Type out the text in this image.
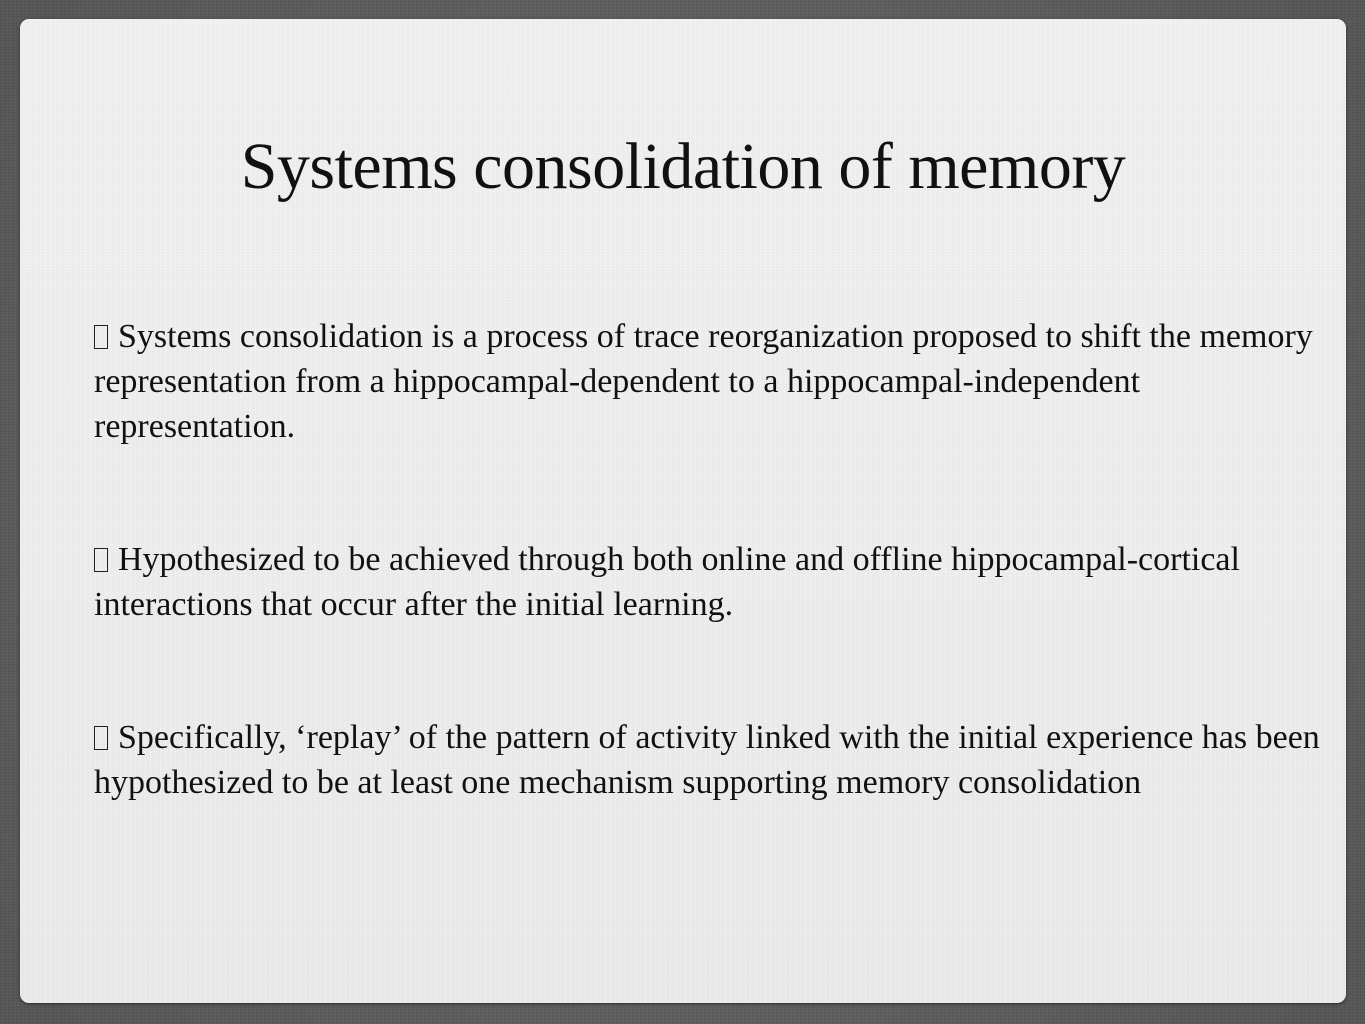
Systems consolidation of memory

Systems consolidation is a process of trace reorganization proposed to shift the memory representation from a hippocampal-dependent to a hippocampal-independent representation.

Hypothesized to be achieved through both online and offline hippocampal-cortical interactions that occur after the initial learning.

Specifically, ‘replay’ of the pattern of activity linked with the initial experience has been hypothesized to be at least one mechanism supporting memory consolidation
